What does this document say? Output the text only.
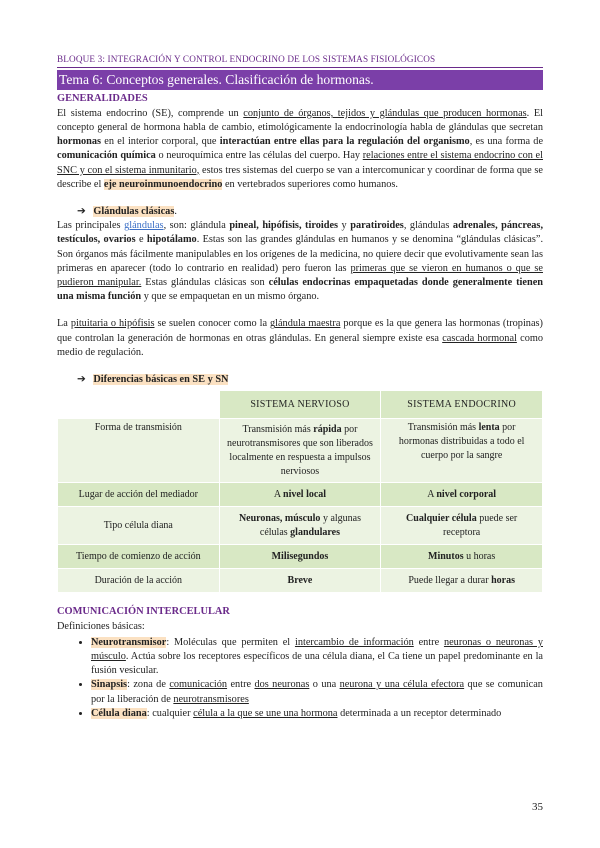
BLOQUE 3: INTEGRACIÓN Y CONTROL ENDOCRINO DE LOS SISTEMAS FISIOLÓGICOS
Tema 6: Conceptos generales. Clasificación de hormonas.
GENERALIDADES

El sistema endocrino (SE), comprende un conjunto de órganos, tejidos y glándulas que producen hormonas. El concepto general de hormona habla de cambio, etimológicamente la endocrinología habla de glándulas que secretan hormonas en el interior corporal, que interactúan entre ellas para la regulación del organismo, es una forma de comunicación química o neuroquímica entre las células del cuerpo. Hay relaciones entre el sistema endocrino con el SNC y con el sistema inmunitario, estos tres sistemas del cuerpo se van a intercomunicar y coordinar de forma que se describe el eje neuroinmunoendocrino en vertebrados superiores como humanos.

➔ Glándulas clásicas.

Las principales glándulas, son: glándula pineal, hipófisis, tiroides y paratiroides, glándulas adrenales, páncreas, testículos, ovarios e hipotálamo. Estas son las grandes glándulas en humanos y se denomina “glándulas clásicas”. Son órganos más fácilmente manipulables en los orígenes de la medicina, no quiere decir que evolutivamente sean las primeras en aparecer (todo lo contrario en realidad) pero fueron las primeras que se vieron en humanos o que se pudieron manipular. Estas glándulas clásicas son células endocrinas empaquetadas donde generalmente tienen una misma función y que se empaquetan en un mismo órgano.

La pituitaria o hipófisis se suelen conocer como la glándula maestra porque es la que genera las hormonas (tropinas) que controlan la generación de hormonas en otras glándulas. En general siempre existe esa cascada hormonal como medio de regulación.

➔ Diferencias básicas en SE y SN
	SISTEMA NERVIOSO	SISTEMA ENDOCRINO
Forma de transmisión	Transmisión más rápida por neurotransmisores que son liberados localmente en respuesta a impulsos nerviosos	Transmisión más lenta por hormonas distribuidas a todo el cuerpo por la sangre
Lugar de acción del mediador	A nivel local	A nivel corporal
Tipo célula diana	Neuronas, músculo y algunas células glandulares	Cualquier célula puede ser receptora
Tiempo de comienzo de acción	Milisegundos	Minutos u horas
Duración de la acción	Breve	Puede llegar a durar horas
COMUNICACIÓN INTERCELULAR
Definiciones básicas:
• Neurotransmisor: Moléculas que permiten el intercambio de información entre neuronas o neuronas y músculo. Actúa sobre los receptores específicos de una célula diana, el Ca tiene un papel predominante en la fusión vesicular.
• Sinapsis: zona de comunicación entre dos neuronas o una neurona y una célula efectora que se comunican por la liberación de neurotransmisores
• Célula diana: cualquier célula a la que se une una hormona determinada a un receptor determinado
35
